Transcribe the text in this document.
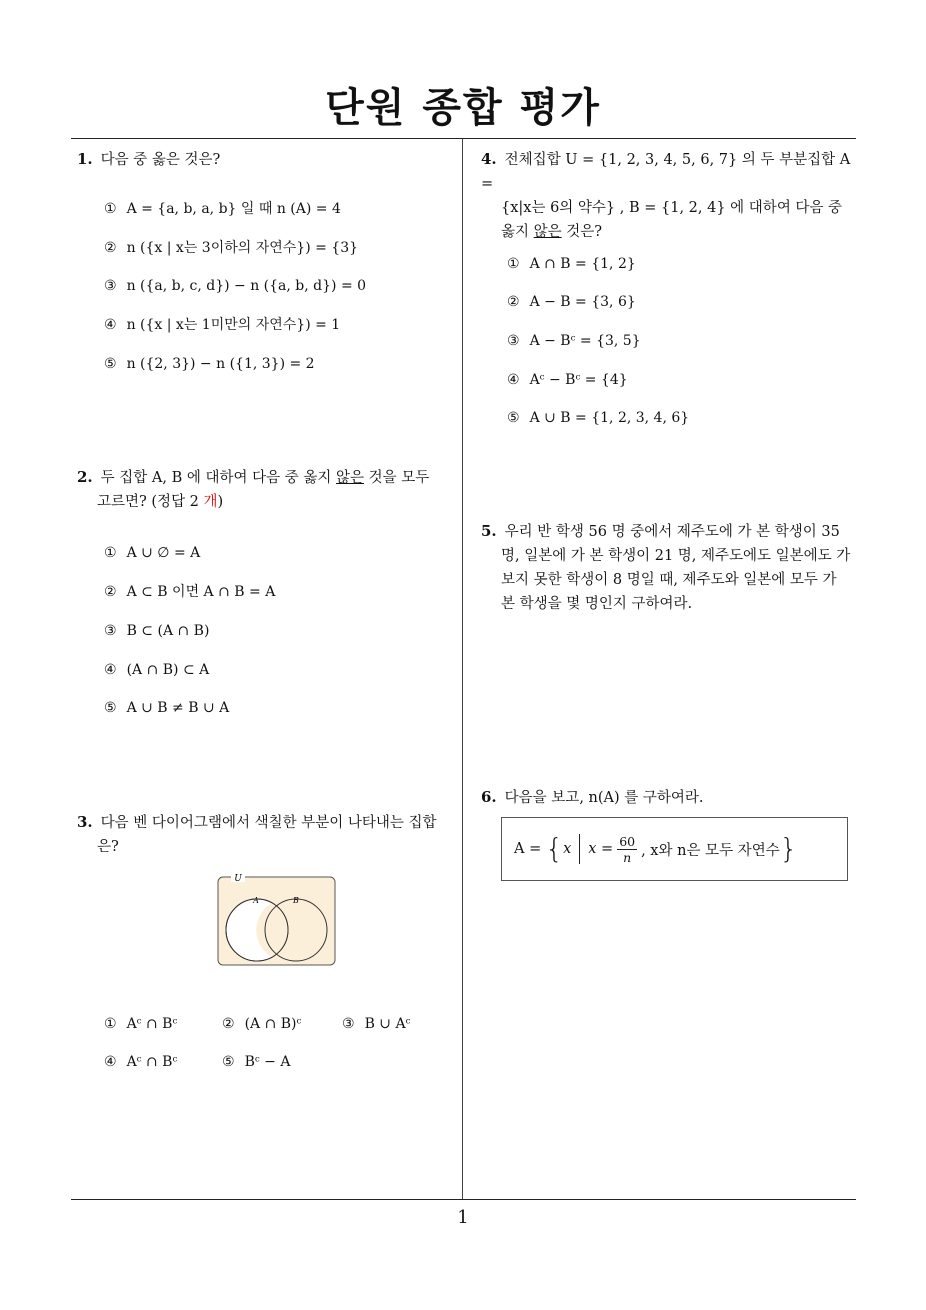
단원 종합 평가
1
1. 다음 중 옳은 것은?
① A = {a, b, a, b} 일 때 n (A) = 4
② n ({x | x는 3이하의 자연수}) = {3}
③ n ({a, b, c, d}) − n ({a, b, d}) = 0
④ n ({x | x는 1미만의 자연수}) = 1
⑤ n ({2, 3}) − n ({1, 3}) = 2
2. 두 집합 A, B 에 대하여 다음 중 옳지 않은 것을 모두
고르면? (정답 2 개)
① A ∪ ∅ = A
② A ⊂ B 이면 A ∩ B = A
③ B ⊂ (A ∩ B)
④ (A ∩ B) ⊂ A
⑤ A ∪ B ≠ B ∪ A
3. 다음 벤 다이어그램에서 색칠한 부분이 나타내는 집합
은?
U
A	B
① Aᶜ ∩ Bᶜ	② (A ∩ B)ᶜ	③ B ∪ Aᶜ
④ Aᶜ ∩ Bᶜ	⑤ Bᶜ − A
4. 전체집합 U = {1, 2, 3, 4, 5, 6, 7} 의 두 부분집합 A =
{x|x는 6의 약수} , B = {1, 2, 4} 에 대하여 다음 중
옳지 않은 것은?
① A ∩ B = {1, 2}
② A − B = {3, 6}
③ A − Bᶜ = {3, 5}
④ Aᶜ − Bᶜ = {4}
⑤ A ∪ B = {1, 2, 3, 4, 6}
5. 우리 반 학생 56 명 중에서 제주도에 가 본 학생이 35
명, 일본에 가 본 학생이 21 명, 제주도에도 일본에도 가
보지 못한 학생이 8 명일 때, 제주도와 일본에 모두 가
본 학생을 몇 명인지 구하여라.
6. 다음을 보고, n(A) 를 구하여라.
A = { x $x = \frac{60}{n}$ , x와 n은 모두 자연수 }
